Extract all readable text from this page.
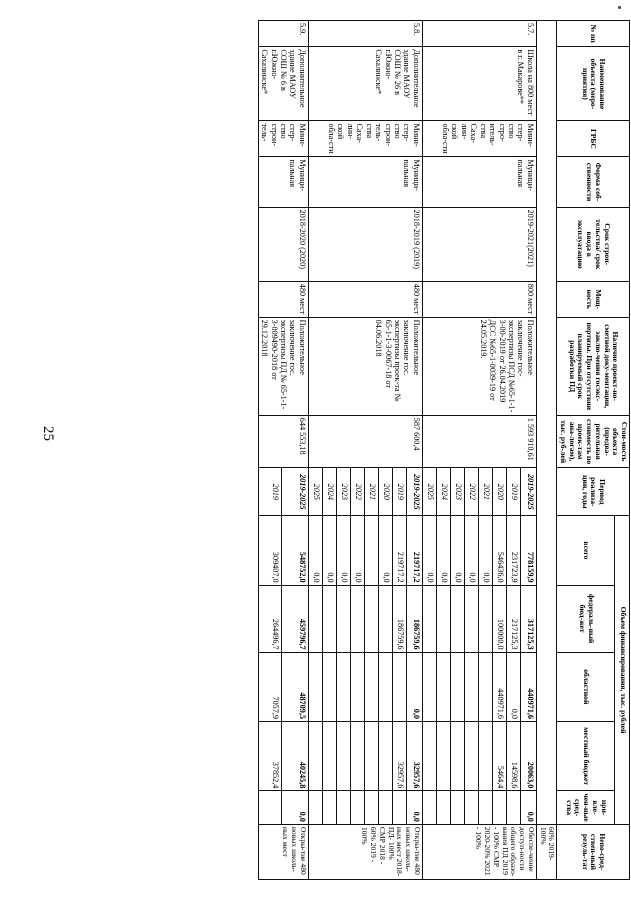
25
№ пп	Наименование объекта (меро-приятия)	ГРБС	Форма соб-ственности	Срок строи-тельства/ срок ввода в эксплуатацию	Мощ-ность	Наличие проект-но-сметной доку-ментации, заклю-чения госэкс-пертизы. При отсутствии планируемый срок разработки ПД	Стои-мость объекта (предва-рительная стоимость по проек-там ана-логам), тыс. руб-лей	Период реализа-ции, годы	Объем финансирования, тыс. рублей					Непо-сред-ствен-ный резуль-тат
									всего	федераль-ный бюд-жет	областной	местный бюджет	при-вле-чен-ные сред-ства	
														60% 2019- 100%
5.7.	Школа на 800 мест в г. Макарове**	Мини-стер-ство стро-итель-ства Саха-лин-ской обла-сти	Муници-пальная	2019-2021(2021)	800 мест	Положительное заключение гос-экспертизы ПСД №65-1-1-3-00-2019 от 26.04.2019 ДСС №65-1-0039-19 от 24.05.2019.	1 593 910,61	2019-2025	778159,9	317125,3	440971,6	20063,0	0,0	Обеспе-чение доступ-ности общего образо-вания ПД 2019 - 100% СМР 2020-20% 2021 - 100%
								2019	231723,9	217125,3	0,0	14598,6		
								2020	546436,0	100000,0	440971,6	5464,4		
								2021	0,0					
								2022	0,0					
								2023	0,0					
								2024	0,0					
								2025	0,0					
5.8.	Дополнительное здание МАОУ СОШ № 26 в г.Южно-Сахалинске*	Мини-стер-ство строи-тель-ства Саха-лин-ской обла-сти	Муници-пальная	2018-2019 (2019)	480 мест	Положительное заключение гос. экспертизы проек-та № 65-1-1-3-0067-18 от 04.06.2018	587 600,4	2019-2025	219717,2	186759,6	0,0	32957,6	0,0	Откры-тие 480 новых школь-ных мест 2018-ПД- 100% СМР 2018 - 60% 2019 - 100%
								2019	219717,2	186759,6		32957,6		
								2020	0,0					
								2021						
								2022	0,0					
								2023	0,0					
								2024	0,0					
								2025	0,0					
5.9.	Дополнительное здание МАОУ СОШ № 6 в г.Южно-Сахалинске*	Мини-стер-ство строи-тель-	Муници-пальная	2018-2020 (2020)	480 мест	Положительное заключение гос. экспертизы ПД № 65-1-1-3-009490-2018 от 29.12.2018	644 553,18	2019-2025	548752,0	459796,7	48709,5	40245,8	0,0	Откры-тие 480 новых школь-ных мест
								2019	309407,0	264496,7	7057,9	37852,4		
